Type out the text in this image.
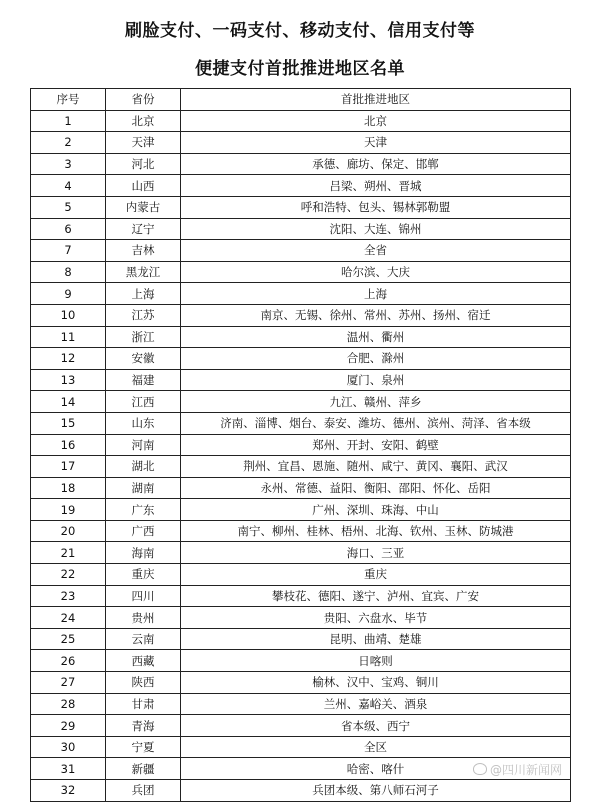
刷脸支付、一码支付、移动支付、信用支付等
便捷支付首批推进地区名单
序号	省份	首批推进地区
1	北京	北京
2	天津	天津
3	河北	承德、廊坊、保定、邯郸
4	山西	吕梁、朔州、晋城
5	内蒙古	呼和浩特、包头、锡林郭勒盟
6	辽宁	沈阳、大连、锦州
7	吉林	全省
8	黑龙江	哈尔滨、大庆
9	上海	上海
10	江苏	南京、无锡、徐州、常州、苏州、扬州、宿迁
11	浙江	温州、衢州
12	安徽	合肥、滁州
13	福建	厦门、泉州
14	江西	九江、赣州、萍乡
15	山东	济南、淄博、烟台、泰安、潍坊、德州、滨州、菏泽、省本级
16	河南	郑州、开封、安阳、鹤壁
17	湖北	荆州、宜昌、恩施、随州、咸宁、黄冈、襄阳、武汉
18	湖南	永州、常德、益阳、衡阳、邵阳、怀化、岳阳
19	广东	广州、深圳、珠海、中山
20	广西	南宁、柳州、桂林、梧州、北海、钦州、玉林、防城港
21	海南	海口、三亚
22	重庆	重庆
23	四川	攀枝花、德阳、遂宁、泸州、宜宾、广安
24	贵州	贵阳、六盘水、毕节
25	云南	昆明、曲靖、楚雄
26	西藏	日喀则
27	陕西	榆林、汉中、宝鸡、铜川
28	甘肃	兰州、嘉峪关、酒泉
29	青海	省本级、西宁
30	宁夏	全区
31	新疆	哈密、喀什
32	兵团	兵团本级、第八师石河子
@四川新闻网
